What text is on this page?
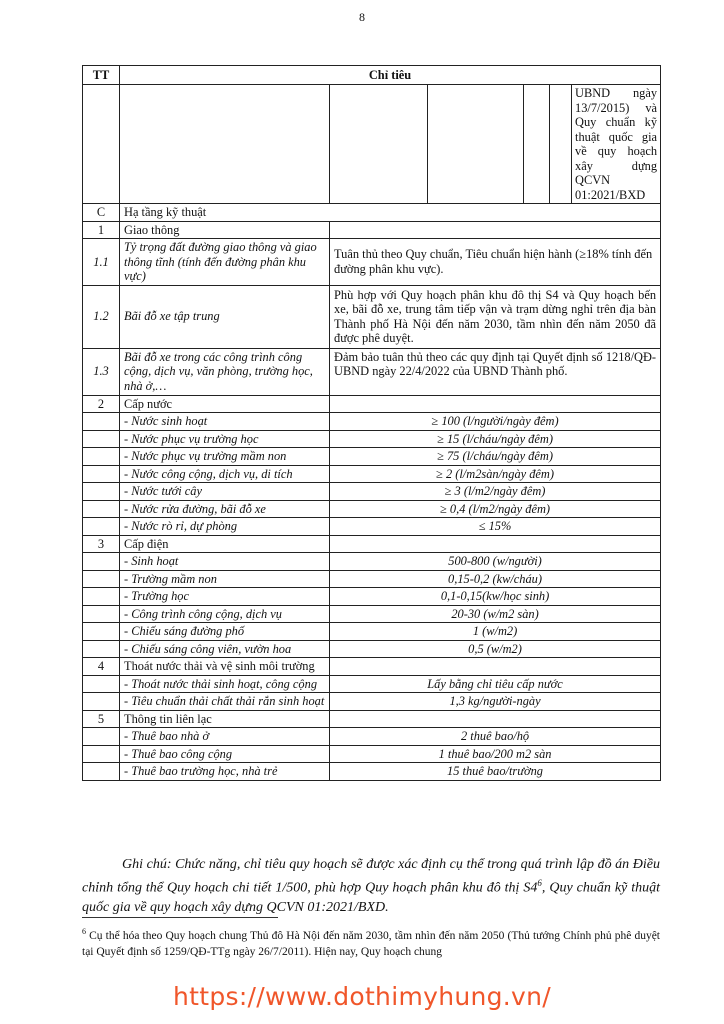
8
TT	Chỉ tiêu					
						UBND ngày 13/7/2015) và Quy chuẩn kỹ thuật quốc gia về quy hoạch xây dựng QCVN 01:2021/BXD
C	Hạ tầng kỹ thuật					
1	Giao thông					
1.1	Tỷ trọng đất đường giao thông và giao thông tĩnh (tính đến đường phân khu vực)	Tuân thủ theo Quy chuẩn, Tiêu chuẩn hiện hành (≥18% tính đến đường phân khu vực).				
1.2	Bãi đỗ xe tập trung	Phù hợp với Quy hoạch phân khu đô thị S4 và Quy hoạch bến xe, bãi đỗ xe, trung tâm tiếp vận và trạm dừng nghỉ trên địa bàn Thành phố Hà Nội đến năm 2030, tầm nhìn đến năm 2050 đã được phê duyệt.				
1.3	Bãi đỗ xe trong các công trình công cộng, dịch vụ, văn phòng, trường học, nhà ở,…	Đảm bảo tuân thủ theo các quy định tại Quyết định số 1218/QĐ-UBND ngày 22/4/2022 của UBND Thành phố.				
2	Cấp nước					
	- Nước sinh hoạt	≥ 100 (l/người/ngày đêm)				
	- Nước phục vụ trường học	≥ 15 (l/cháu/ngày đêm)				
	- Nước phục vụ trường mầm non	≥ 75 (l/cháu/ngày đêm)				
	- Nước công cộng, dịch vụ, di tích	≥ 2 (l/m2sàn/ngày đêm)				
	- Nước tưới cây	≥ 3 (l/m2/ngày đêm)				
	- Nước rửa đường, bãi đỗ xe	≥ 0,4 (l/m2/ngày đêm)				
	- Nước rò rỉ, dự phòng	≤ 15%				
3	Cấp điện					
	- Sinh hoạt	500-800 (w/người)				
	- Trường mầm non	0,15-0,2 (kw/cháu)				
	- Trường học	0,1-0,15(kw/học sinh)				
	- Công trình công cộng, dịch vụ	20-30 (w/m2 sàn)				
	- Chiếu sáng đường phố	1 (w/m2)				
	- Chiếu sáng công viên, vườn hoa	0,5 (w/m2)				
4	Thoát nước thải và vệ sinh môi trường					
	- Thoát nước thải sinh hoạt, công cộng	Lấy bằng chỉ tiêu cấp nước				
	- Tiêu chuẩn thải chất thải rắn sinh hoạt	1,3 kg/người-ngày				
5	Thông tin liên lạc					
	- Thuê bao nhà ở	2 thuê bao/hộ				
	- Thuê bao công cộng	1 thuê bao/200 m2 sàn				
	- Thuê bao trường học, nhà trẻ	15 thuê bao/trường				
Ghi chú: Chức năng, chỉ tiêu quy hoạch sẽ được xác định cụ thể trong quá trình lập đồ án Điều chỉnh tổng thể Quy hoạch chi tiết 1/500, phù hợp Quy hoạch phân khu đô thị $S4^6$, Quy chuẩn kỹ thuật quốc gia về quy hoạch xây dựng QCVN 01:2021/BXD.
$^6$ Cụ thể hóa theo Quy hoạch chung Thủ đô Hà Nội đến năm 2030, tầm nhìn đến năm 2050 (Thủ tướng Chính phủ phê duyệt tại Quyết định số 1259/QĐ-TTg ngày 26/7/2011). Hiện nay, Quy hoạch chung
https://www.dothimyhung.vn/
